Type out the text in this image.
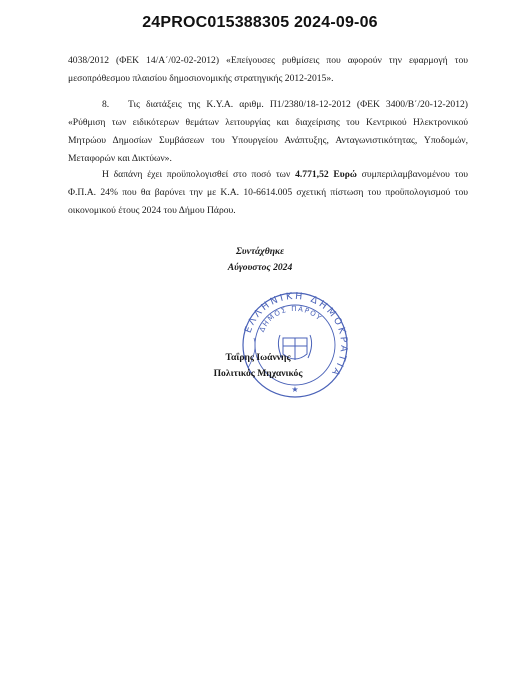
24PROC015388305 2024-09-06
4038/2012 (ΦΕΚ 14/Α΄/02-02-2012) «Επείγουσες ρυθμίσεις που αφορούν την εφαρμογή του μεσοπρόθεσμου πλαισίου δημοσιονομικής στρατηγικής 2012-2015».
8. Τις διατάξεις της Κ.Υ.Α. αριθμ. Π1/2380/18-12-2012 (ΦΕΚ 3400/Β΄/20-12-2012) «Ρύθμιση των ειδικότερων θεμάτων λειτουργίας και διαχείρισης του Κεντρικού Ηλεκτρονικού Μητρώου Δημοσίων Συμβάσεων του Υπουργείου Ανάπτυξης, Ανταγωνιστικότητας, Υποδομών, Μεταφορών και Δικτύων».
Η δαπάνη έχει προϋπολογισθεί στο ποσό των 4.771,52 Ευρώ συμπεριλαμβανομένου του Φ.Π.Α. 24% που θα βαρύνει την με Κ.Α. 10-6614.005 σχετική πίστωση του προϋπολογισμού του οικονομικού έτους 2024 του Δήμου Πάρου.
Συντάχθηκε
Αύγουστος 2024
ΕΛΛΗΝΙΚΗ ΔΗΜΟΚΡΑΤΙΑ
ΔΗΜΟΣ ΠΑΡΟΥ
★
Ταΐρης Ιωάννης
Πολιτικός Μηχανικός
